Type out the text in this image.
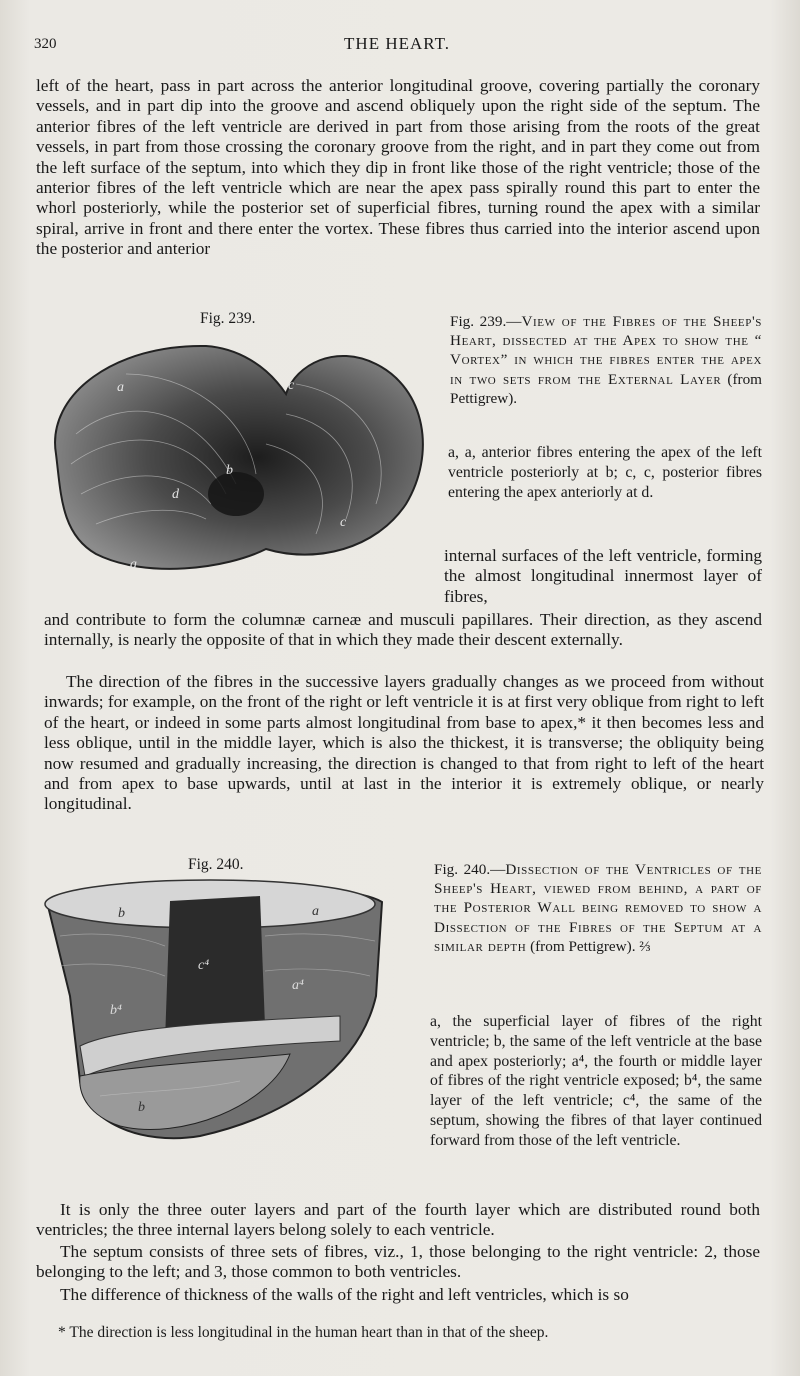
320	THE HEART.

left of the heart, pass in part across the anterior longitudinal groove, covering partially the coronary vessels, and in part dip into the groove and ascend obliquely upon the right side of the septum. The anterior fibres of the left ventricle are derived in part from those arising from the roots of the great vessels, in part from those crossing the coronary groove from the right, and in part they come out from the left surface of the septum, into which they dip in front like those of the right ventricle; those of the anterior fibres of the left ventricle which are near the apex pass spirally round this part to enter the whorl posteriorly, while the posterior set of superficial fibres, turning round the apex with a similar spiral, arrive in front and there enter the vortex. These fibres thus carried into the interior ascend upon the posterior and anterior

Fig. 239.
a
a
b
c
c
d

Fig. 239.—View of the Fibres of the Sheep's Heart, dissected at the Apex to show the “ Vortex” in which the fibres enter the apex in two sets from the External Layer (from Pettigrew).

a, a, anterior fibres entering the apex of the left ventricle posteriorly at b; c, c, posterior fibres entering the apex anteriorly at d.

internal surfaces of the left ventricle, forming the almost longitudinal innermost layer of fibres,

and contribute to form the columnæ carneæ and musculi papillares. Their direction, as they ascend internally, is nearly the opposite of that in which they made their descent externally.

The direction of the fibres in the successive layers gradually changes as we proceed from without inwards; for example, on the front of the right or left ventricle it is at first very oblique from right to left of the heart, or indeed in some parts almost longitudinal from base to apex,* it then becomes less and less oblique, until in the middle layer, which is also the thickest, it is transverse; the obliquity being now resumed and gradually increasing, the direction is changed to that from right to left of the heart and from apex to base upwards, until at last in the interior it is extremely oblique, or nearly longitudinal.

Fig. 240.
b	a
c⁴
a⁴
b⁴
b

Fig. 240.—Dissection of the Ventricles of the Sheep's Heart, viewed from behind, a part of the Posterior Wall being removed to show a Dissection of the Fibres of the Septum at a similar depth (from Pettigrew). ⅔

a, the superficial layer of fibres of the right ventricle; b, the same of the left ventricle at the base and apex posteriorly; a⁴, the fourth or middle layer of fibres of the right ventricle exposed; b⁴, the same layer of the left ventricle; c⁴, the same of the septum, showing the fibres of that layer continued forward from those of the left ventricle.

It is only the three outer layers and part of the fourth layer which are distributed round both ventricles; the three internal layers belong solely to each ventricle.

The septum consists of three sets of fibres, viz., 1, those belonging to the right ventricle: 2, those belonging to the left; and 3, those common to both ventricles.

The difference of thickness of the walls of the right and left ventricles, which is so

* The direction is less longitudinal in the human heart than in that of the sheep.
